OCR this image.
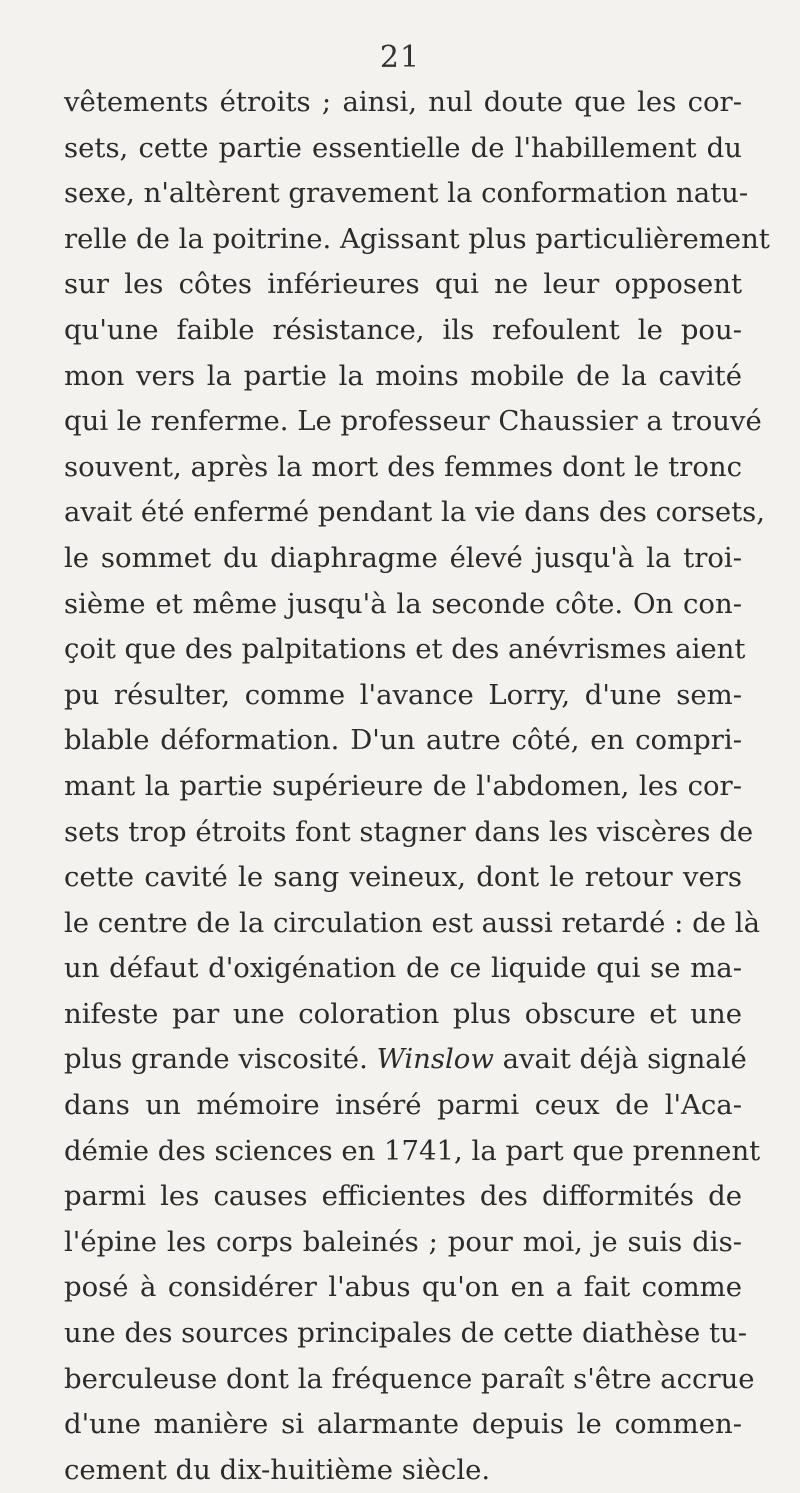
21
vêtements étroits ; ainsi, nul doute que les cor-
sets, cette partie essentielle de l'habillement du
sexe, n'altèrent gravement la conformation natu-
relle de la poitrine. Agissant plus particulièrement
sur les côtes inférieures qui ne leur opposent
qu'une faible résistance, ils refoulent le pou-
mon vers la partie la moins mobile de la cavité
qui le renferme. Le professeur Chaussier a trouvé
souvent, après la mort des femmes dont le tronc
avait été enfermé pendant la vie dans des corsets,
le sommet du diaphragme élevé jusqu'à la troi-
sième et même jusqu'à la seconde côte. On con-
çoit que des palpitations et des anévrismes aient
pu résulter, comme l'avance Lorry, d'une sem-
blable déformation. D'un autre côté, en compri-
mant la partie supérieure de l'abdomen, les cor-
sets trop étroits font stagner dans les viscères de
cette cavité le sang veineux, dont le retour vers
le centre de la circulation est aussi retardé : de là
un défaut d'oxigénation de ce liquide qui se ma-
nifeste par une coloration plus obscure et une
plus grande viscosité. Winslow avait déjà signalé
dans un mémoire inséré parmi ceux de l'Aca-
démie des sciences en 1741, la part que prennent
parmi les causes efficientes des difformités de
l'épine les corps baleinés ; pour moi, je suis dis-
posé à considérer l'abus qu'on en a fait comme
une des sources principales de cette diathèse tu-
berculeuse dont la fréquence paraît s'être accrue
d'une manière si alarmante depuis le commen-
cement du dix-huitième siècle.
